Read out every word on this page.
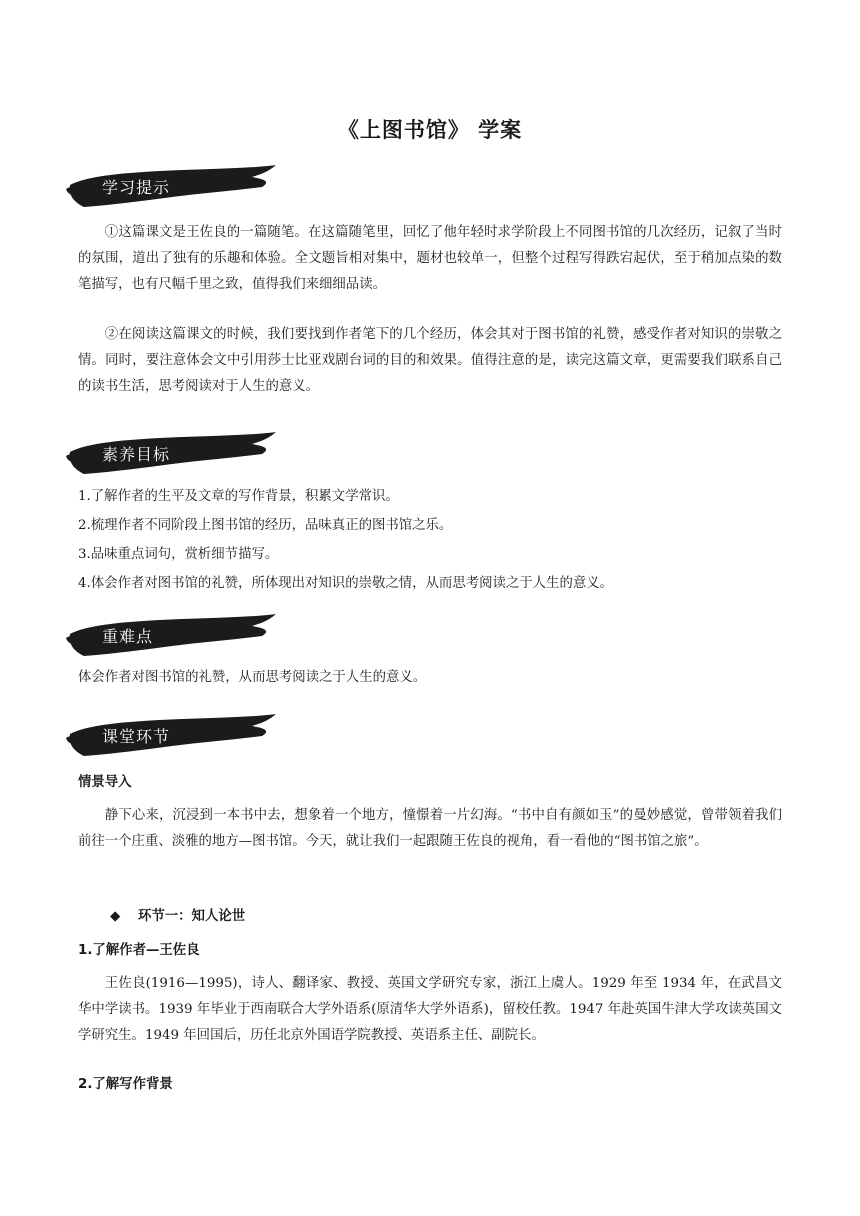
《上图书馆》 学案
学习提示

①这篇课文是王佐良的一篇随笔。在这篇随笔里，回忆了他年轻时求学阶段上不同图书馆的几次经历，记叙了当时的氛围，道出了独有的乐趣和体验。全文题旨相对集中，题材也较单一，但整个过程写得跌宕起伏，至于稍加点染的数笔描写，也有尺幅千里之致，值得我们来细细品读。

②在阅读这篇课文的时候，我们要找到作者笔下的几个经历，体会其对于图书馆的礼赞，感受作者对知识的崇敬之情。同时，要注意体会文中引用莎士比亚戏剧台词的目的和效果。值得注意的是，读完这篇文章，更需要我们联系自己的读书生活，思考阅读对于人生的意义。

素养目标

1.了解作者的生平及文章的写作背景，积累文学常识。

2.梳理作者不同阶段上图书馆的经历，品味真正的图书馆之乐。

3.品味重点词句，赏析细节描写。

4.体会作者对图书馆的礼赞，所体现出对知识的崇敬之情，从而思考阅读之于人生的意义。

重难点

体会作者对图书馆的礼赞，从而思考阅读之于人生的意义。

课堂环节
情景导入

静下心来，沉浸到一本书中去，想象着一个地方，憧憬着一片幻海。“书中自有颜如玉”的曼妙感觉，曾带领着我们前往一个庄重、淡雅的地方—图书馆。今天，就让我们一起跟随王佐良的视角，看一看他的“图书馆之旅”。

◆ 环节一：知人论世
1.了解作者—王佐良

王佐良(1916—1995)，诗人、翻译家、教授、英国文学研究专家，浙江上虞人。1929 年至 1934 年，在武昌文华中学读书。1939 年毕业于西南联合大学外语系(原清华大学外语系)，留校任教。1947 年赴英国牛津大学攻读英国文学研究生。1949 年回国后，历任北京外国语学院教授、英语系主任、副院长。

2.了解写作背景
